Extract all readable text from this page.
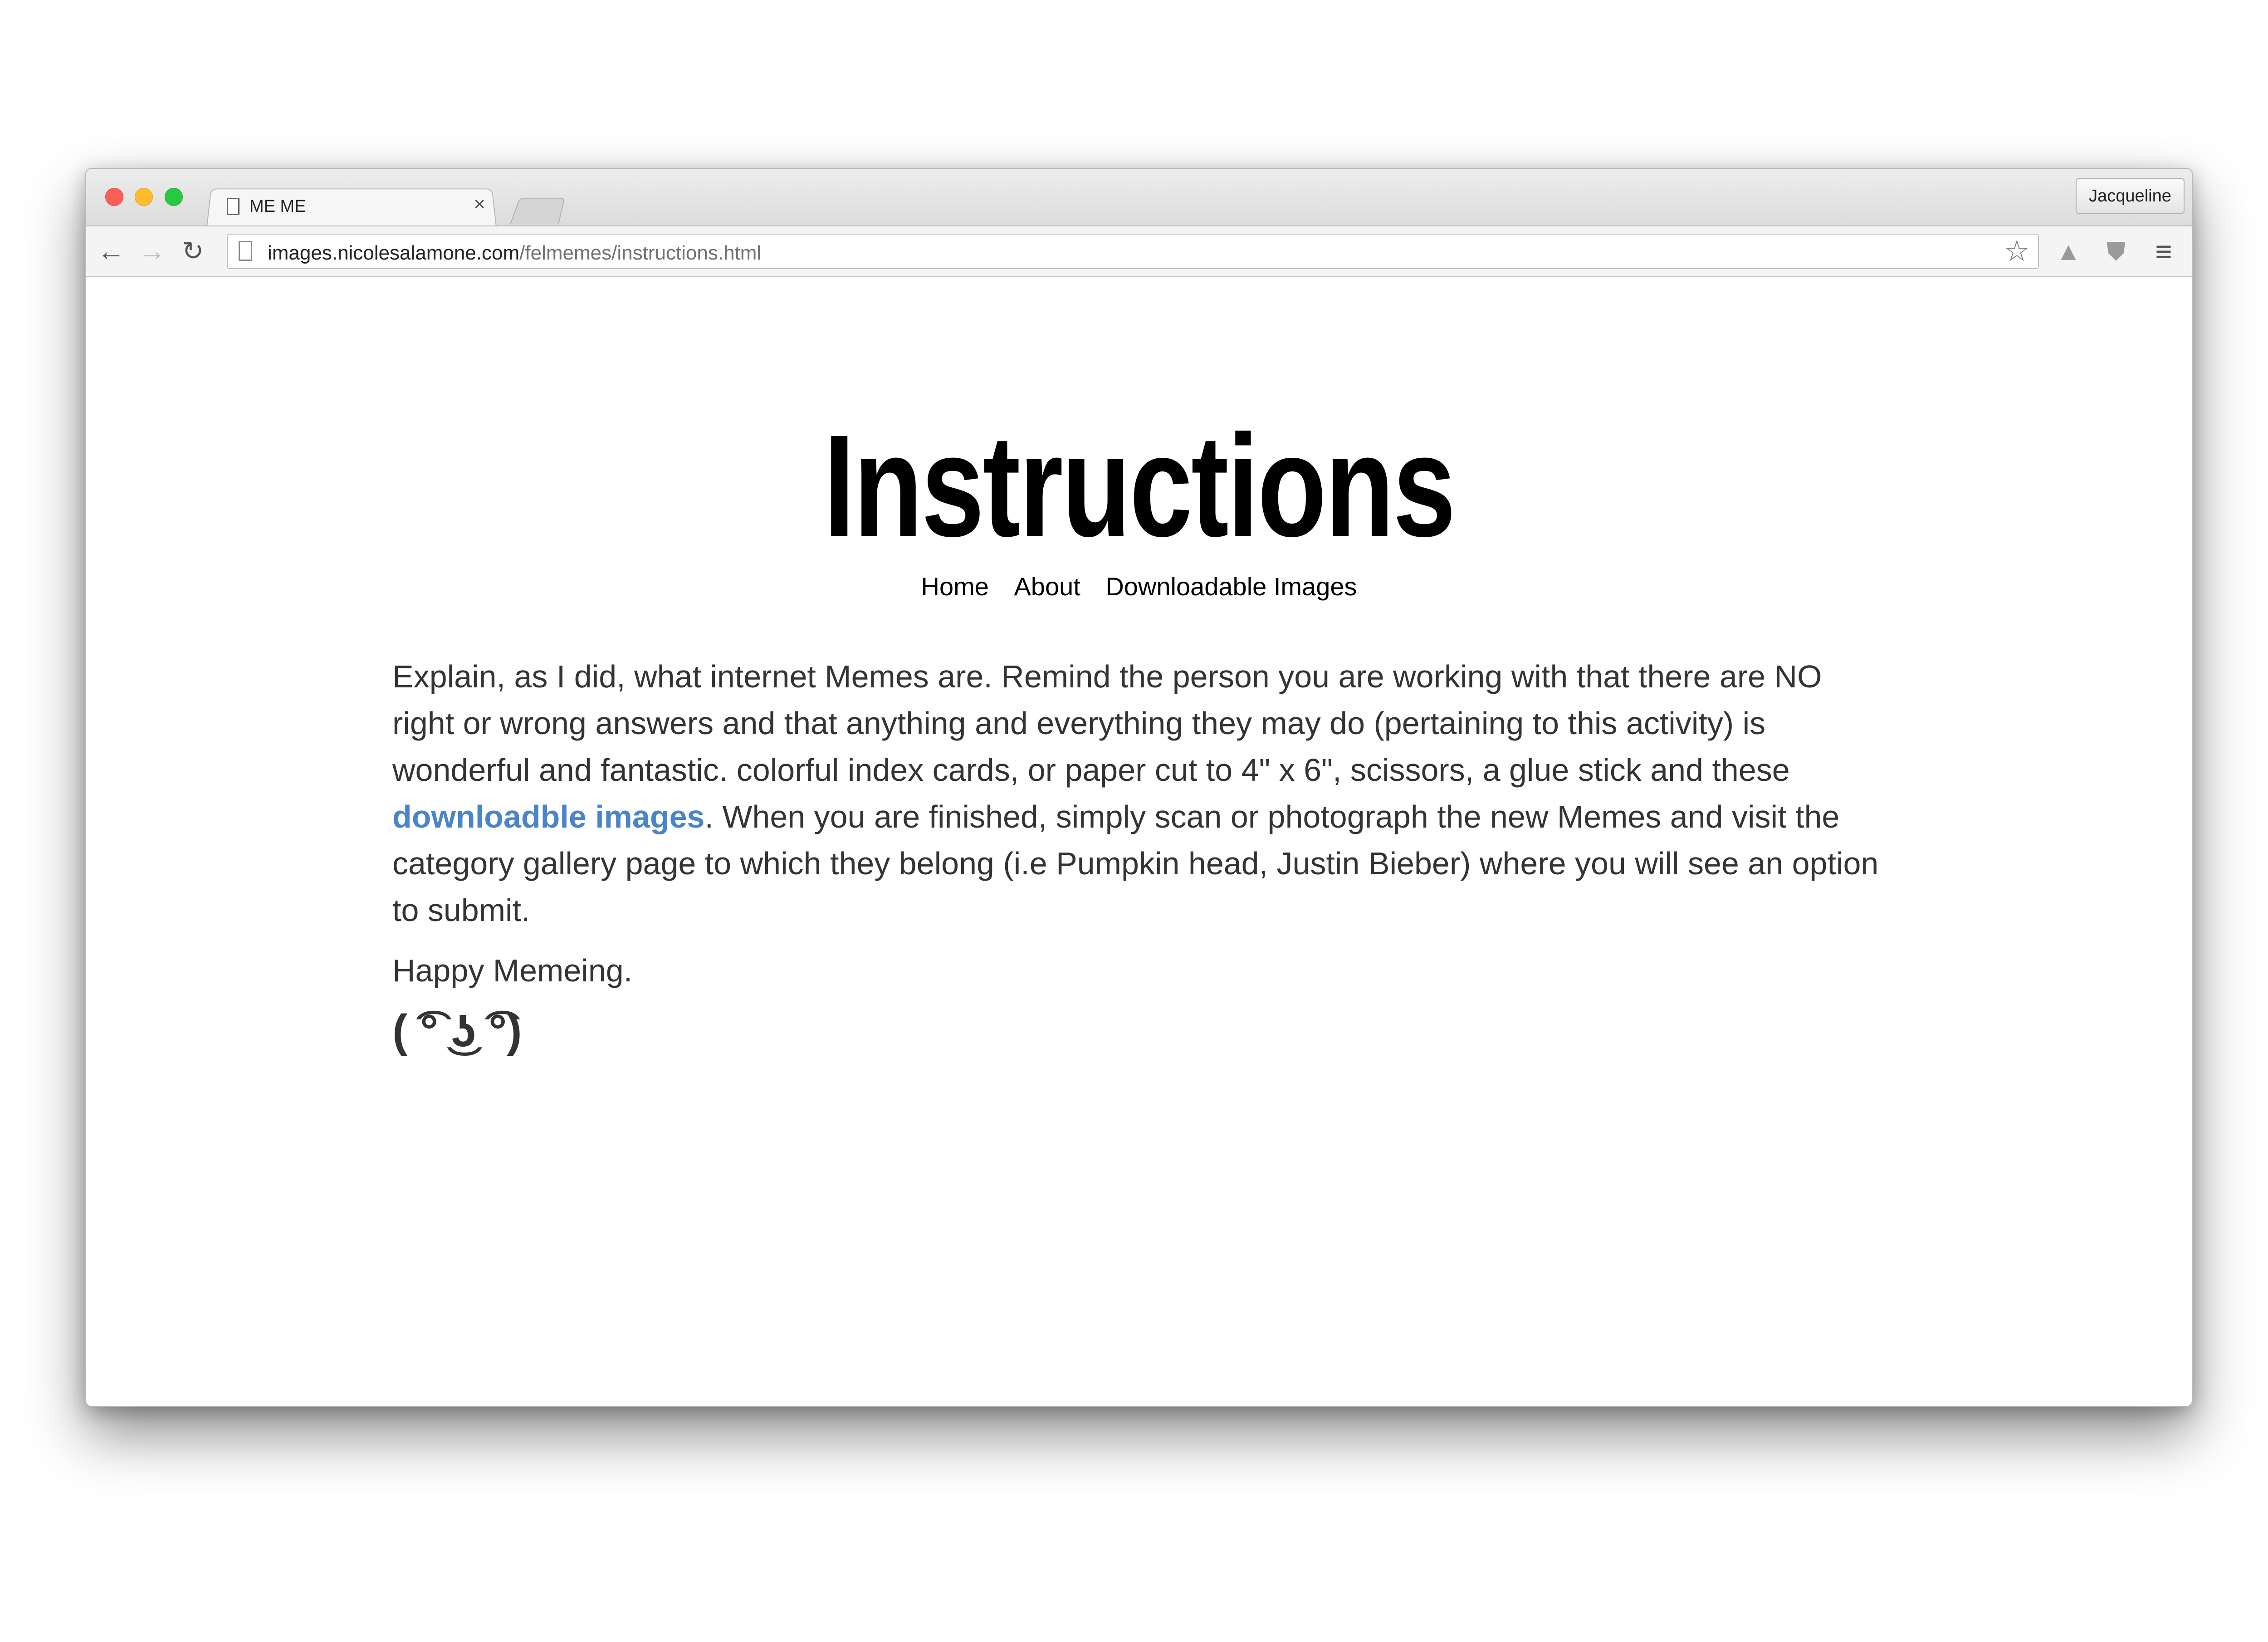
ME ME	×	Jacqueline
← → ↻	images.nicolesalamone.com/felmemes/instructions.html	☆ ▲ ⛊ ≡
Instructions
Home About Downloadable Images

Explain, as I did, what internet Memes are. Remind the person you are working with that there are NO right or wrong answers and that anything and everything they may do (pertaining to this activity) is wonderful and fantastic. colorful index cards, or paper cut to 4" x 6", scissors, a glue stick and these downloadble images. When you are finished, simply scan or photograph the new Memes and visit the category gallery page to which they belong (i.e Pumpkin head, Justin Bieber) where you will see an option to submit.

Happy Memeing.

( ͡° ͜ʖ ͡°)
